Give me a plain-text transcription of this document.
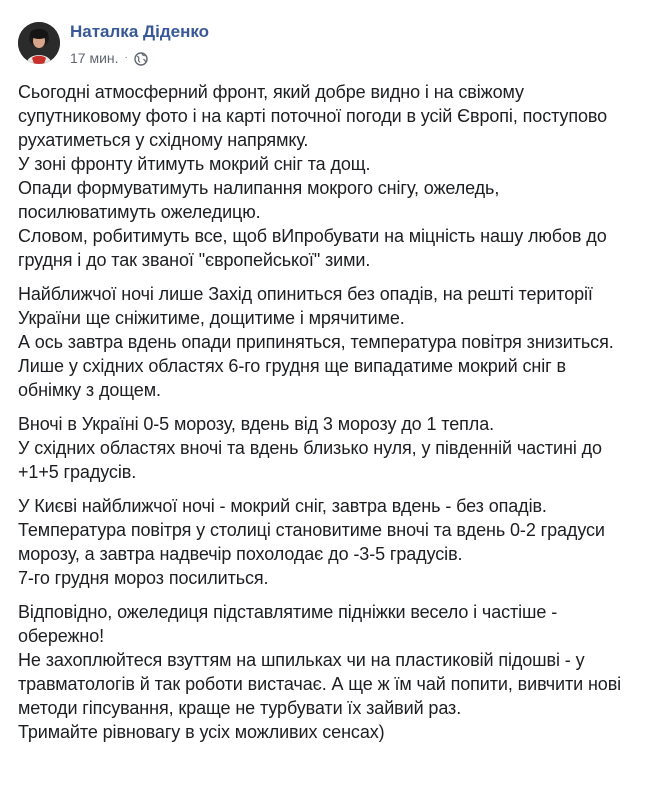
Наталка Діденко
17 мин. ·
Сьогодні атмосферний фронт, який добре видно і на свіжому
супутниковому фото і на карті поточної погоди в усій Європі, поступово
рухатиметься у східному напрямку.
У зоні фронту йтимуть мокрий сніг та дощ.
Опади формуватимуть налипання мокрого снігу, ожеледь,
посилюватимуть ожеледицю.
Словом, робитимуть все, щоб вИпробувати на міцність нашу любов до
грудня і до так званої "європейської" зими.
Найближчої ночі лише Захід опиниться без опадів, на решті території
України ще сніжитиме, дощитиме і мрячитиме.
А ось завтра вдень опади припиняться, температура повітря знизиться.
Лише у східних областях 6-го грудня ще випадатиме мокрий сніг в
обнімку з дощем.
Вночі в Україні 0-5 морозу, вдень від 3 морозу до 1 тепла.
У східних областях вночі та вдень близько нуля, у південній частині до
+1+5 градусів.
У Києві найближчої ночі - мокрий сніг, завтра вдень - без опадів.
Температура повітря у столиці становитиме вночі та вдень 0-2 градуси
морозу, а завтра надвечір похолодає до -3-5 градусів.
7-го грудня мороз посилиться.
Відповідно, ожеледиця підставлятиме підніжки весело і частіше -
обережно!
Не захоплюйтеся взуттям на шпильках чи на пластиковій підошві - у
травматологів й так роботи вистачає. А ще ж їм чай попити, вивчити нові
методи гіпсування, краще не турбувати їх зайвий раз.
Тримайте рівновагу в усіх можливих сенсах)
